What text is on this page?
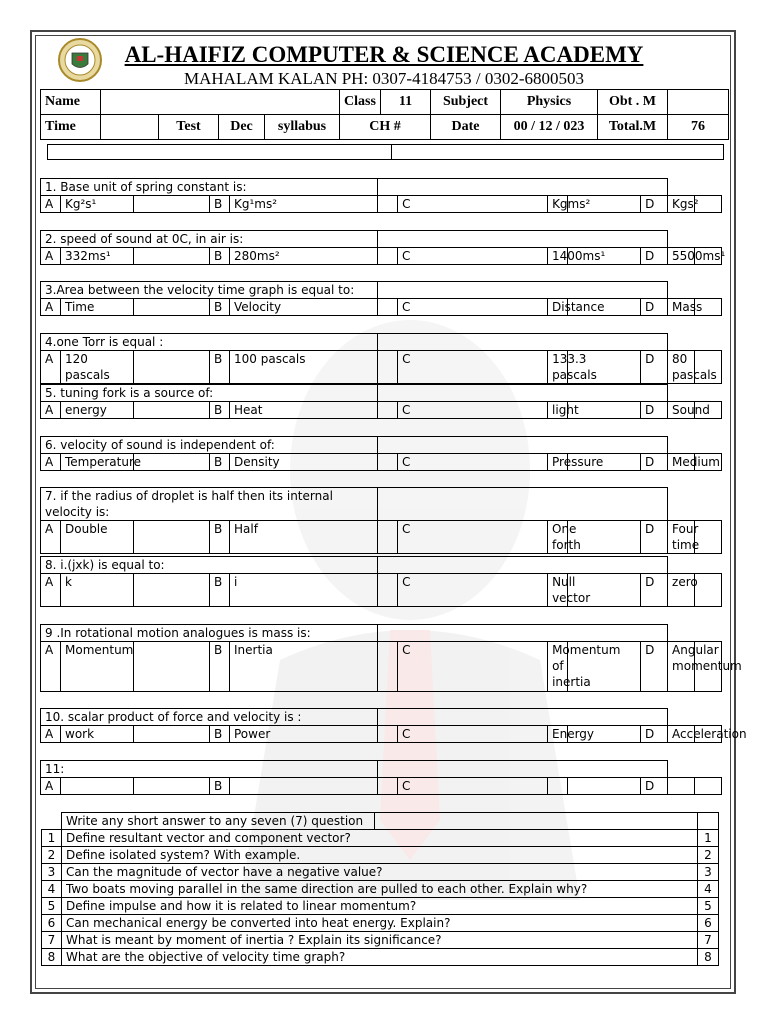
AL-HAIFIZ COMPUTER & SCIENCE ACADEMY
MAHALAM KALAN PH: 0307-4184753 / 0302-6800503
Name					Class	11	Subject	Physics	Obt . M	
Time		Test	Dec	syllabus	CH #		Date	00 / 12 / 023	Total.M	76

1. Base unit of spring constant is:											
A	Kg²s¹		B	Kg¹ms²		C	Kgms²		D	Kgs²	
2. speed of sound at 0C, in air is:											
A	332ms¹		B	280ms²		C	1400ms¹		D	5500ms¹	
3.Area between the velocity time graph is equal to:											
A	Time		B	Velocity		C	Distance		D	Mass	
4.one Torr is equal :											
A	120 pascals		B	100 pascals		C	133.3 pascals		D	80 pascals	
5. tuning fork is a source of:											
A	energy		B	Heat		C	light		D	Sound	
6. velocity of sound is independent of:											
A	Temperature		B	Density		C	Pressure		D	Medium	
7. if the radius of droplet is half then its internal velocity is:											
A	Double		B	Half		C	One forth		D	Four time	
8. i.(jxk) is equal to:											
A	k		B	i		C	Null vector		D	zero	
9 .In rotational motion analogues is mass is:											
A	Momentum		B	Inertia		C	Momentum of inertia		D	Angular momentum	
10. scalar product of force and velocity is :											
A	work		B	Power		C	Energy		D	Acceleration	
11:											
A			B			C			D		
	Write any short answer to any seven (7) question		
1	Define resultant vector and component vector?		1
2	Define isolated system? With example.		2
3	Can the magnitude of vector have a negative value?		3
4	Two boats moving parallel in the same direction are pulled to each other. Explain why?		4
5	Define impulse and how it is related to linear momentum?		5
6	Can mechanical energy be converted into heat energy. Explain?		6
7	What is meant by moment of inertia ? Explain its significance?		7
8	What are the objective of velocity time graph?		8
